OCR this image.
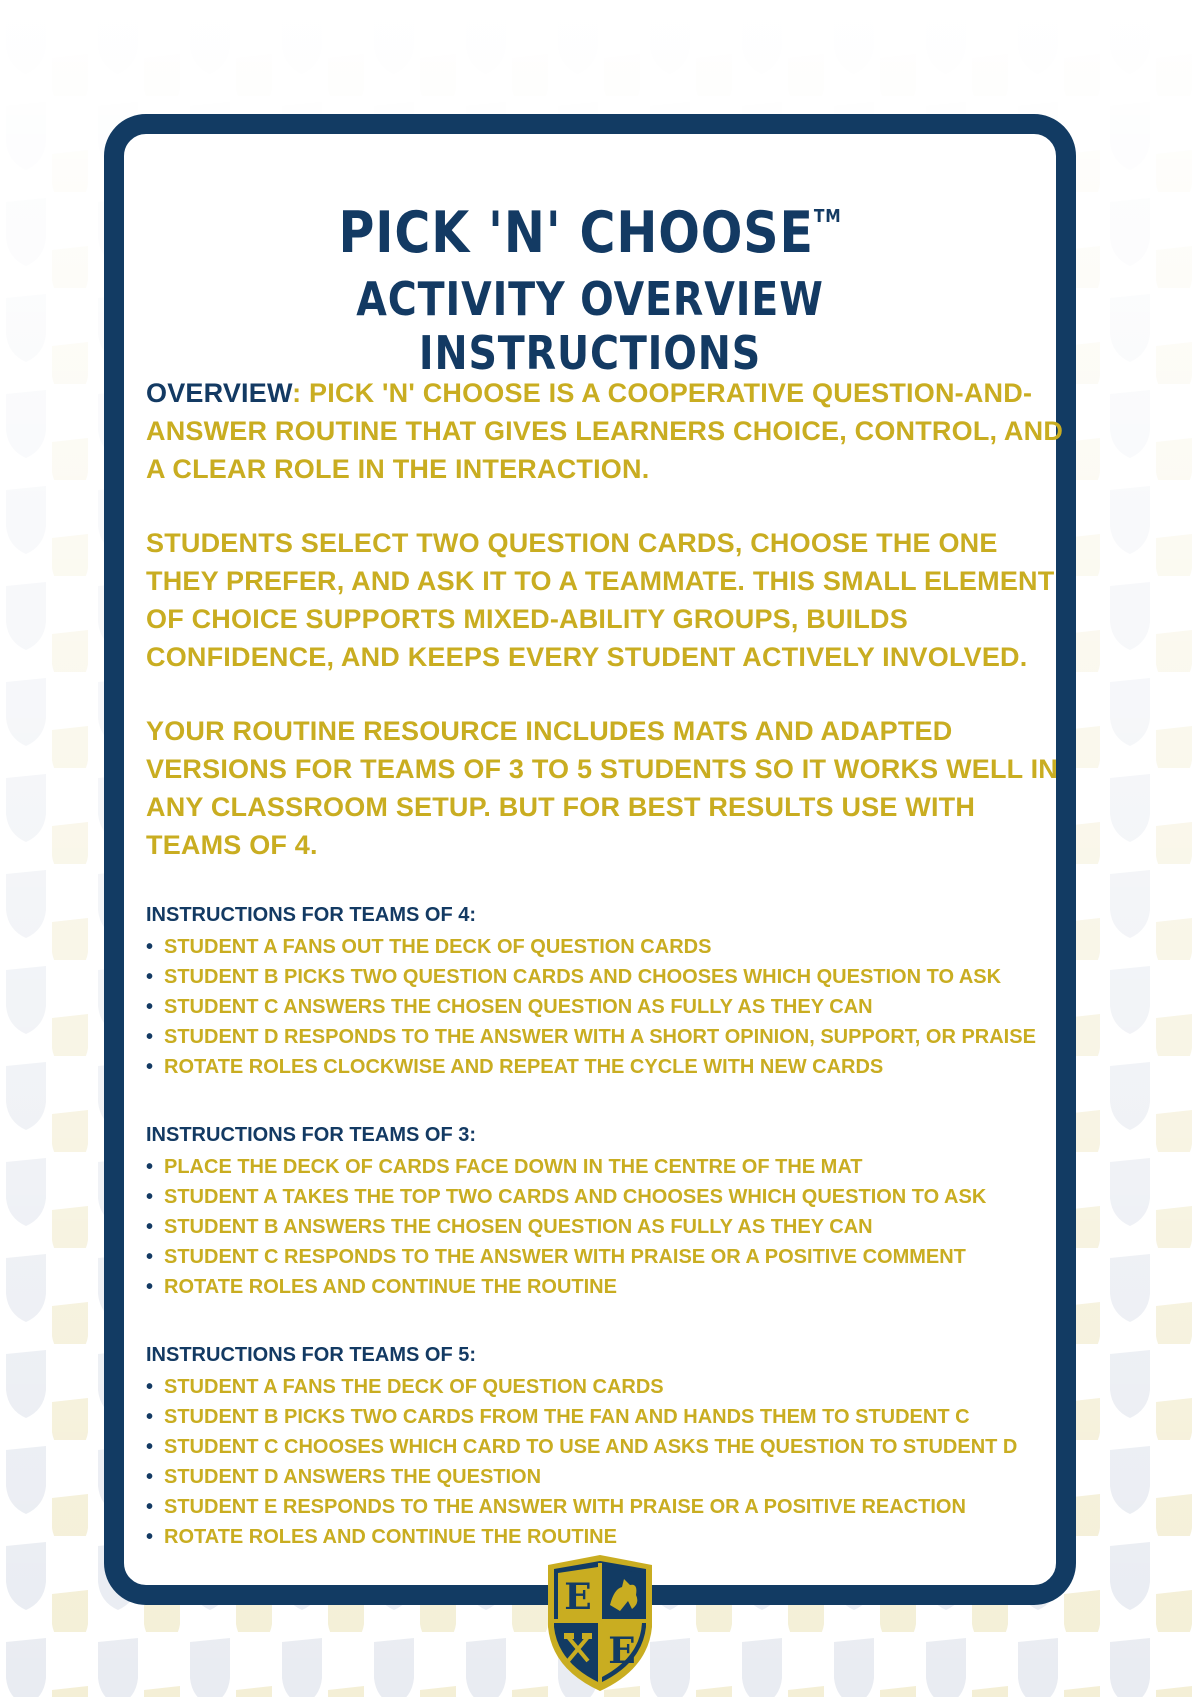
PICK 'N' CHOOSE™
ACTIVITY OVERVIEW INSTRUCTIONS

OVERVIEW: PICK 'N' CHOOSE IS A COOPERATIVE QUESTION-AND-ANSWER ROUTINE THAT GIVES LEARNERS CHOICE, CONTROL, AND A CLEAR ROLE IN THE INTERACTION.

STUDENTS SELECT TWO QUESTION CARDS, CHOOSE THE ONE THEY PREFER, AND ASK IT TO A TEAMMATE. THIS SMALL ELEMENT OF CHOICE SUPPORTS MIXED-ABILITY GROUPS, BUILDS CONFIDENCE, AND KEEPS EVERY STUDENT ACTIVELY INVOLVED.

YOUR ROUTINE RESOURCE INCLUDES MATS AND ADAPTED VERSIONS FOR TEAMS OF 3 TO 5 STUDENTS SO IT WORKS WELL IN ANY CLASSROOM SETUP. BUT FOR BEST RESULTS USE WITH TEAMS OF 4.

INSTRUCTIONS FOR TEAMS OF 4:
• STUDENT A FANS OUT THE DECK OF QUESTION CARDS
• STUDENT B PICKS TWO QUESTION CARDS AND CHOOSES WHICH QUESTION TO ASK
• STUDENT C ANSWERS THE CHOSEN QUESTION AS FULLY AS THEY CAN
• STUDENT D RESPONDS TO THE ANSWER WITH A SHORT OPINION, SUPPORT, OR PRAISE
• ROTATE ROLES CLOCKWISE AND REPEAT THE CYCLE WITH NEW CARDS
INSTRUCTIONS FOR TEAMS OF 3:
• PLACE THE DECK OF CARDS FACE DOWN IN THE CENTRE OF THE MAT
• STUDENT A TAKES THE TOP TWO CARDS AND CHOOSES WHICH QUESTION TO ASK
• STUDENT B ANSWERS THE CHOSEN QUESTION AS FULLY AS THEY CAN
• STUDENT C RESPONDS TO THE ANSWER WITH PRAISE OR A POSITIVE COMMENT
• ROTATE ROLES AND CONTINUE THE ROUTINE
INSTRUCTIONS FOR TEAMS OF 5:
• STUDENT A FANS THE DECK OF QUESTION CARDS
• STUDENT B PICKS TWO CARDS FROM THE FAN AND HANDS THEM TO STUDENT C
• STUDENT C CHOOSES WHICH CARD TO USE AND ASKS THE QUESTION TO STUDENT D
• STUDENT D ANSWERS THE QUESTION
• STUDENT E RESPONDS TO THE ANSWER WITH PRAISE OR A POSITIVE REACTION
• ROTATE ROLES AND CONTINUE THE ROUTINE
E
E
